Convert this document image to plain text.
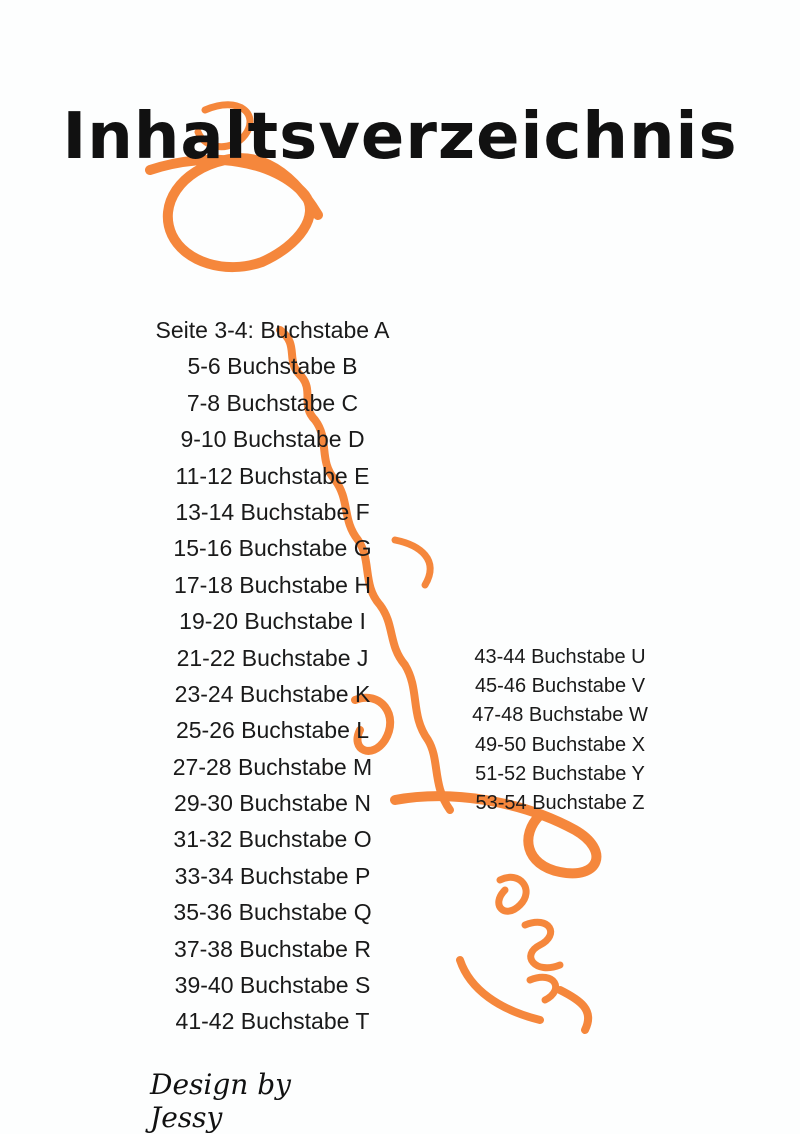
Inhaltsverzeichnis
Seite 3-4: Buchstabe A
5-6 Buchstabe B
7-8 Buchstabe C
9-10 Buchstabe D
11-12 Buchstabe E
13-14 Buchstabe F
15-16 Buchstabe G
17-18 Buchstabe H
19-20 Buchstabe I
21-22 Buchstabe J
23-24 Buchstabe K
25-26 Buchstabe L
27-28 Buchstabe M
29-30 Buchstabe N
31-32 Buchstabe O
33-34 Buchstabe P
35-36 Buchstabe Q
37-38 Buchstabe R
39-40 Buchstabe S
41-42 Buchstabe T
43-44 Buchstabe U
45-46 Buchstabe V
47-48 Buchstabe W
49-50 Buchstabe X
51-52 Buchstabe Y
53-54 Buchstabe Z
Design by Jessy
